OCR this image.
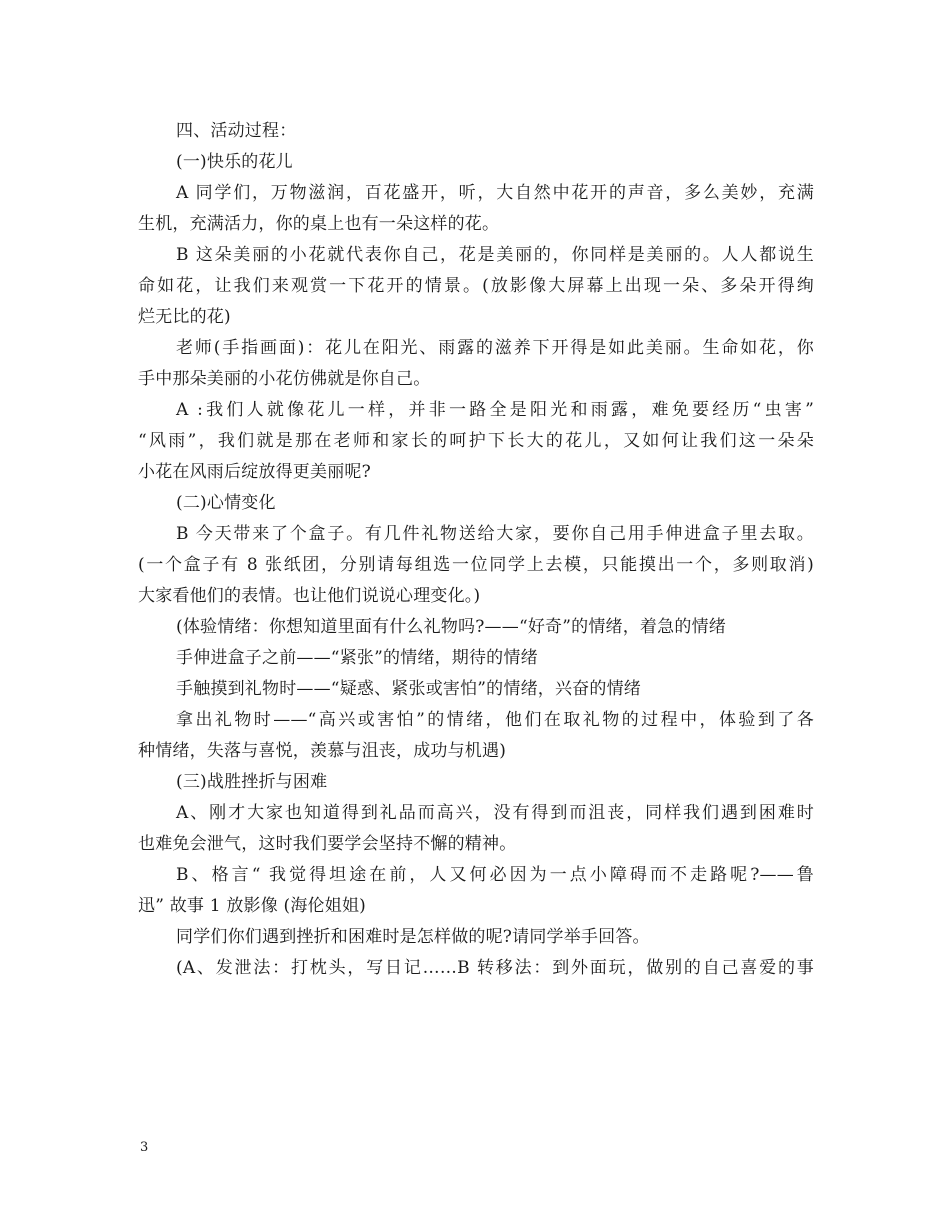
四、活动过程：
(一)快乐的花儿
A 同学们，万物滋润，百花盛开，听，大自然中花开的声音，多么美妙，充满
生机，充满活力，你的桌上也有一朵这样的花。
B 这朵美丽的小花就代表你自己，花是美丽的，你同样是美丽的。人人都说生
命如花，让我们来观赏一下花开的情景。(放影像大屏幕上出现一朵、多朵开得绚
烂无比的花)
老师(手指画面)：花儿在阳光、雨露的滋养下开得是如此美丽。生命如花，你
手中那朵美丽的小花仿佛就是你自己。
A :我们人就像花儿一样，并非一路全是阳光和雨露，难免要经历“虫害”
“风雨”，我们就是那在老师和家长的呵护下长大的花儿，又如何让我们这一朵朵
小花在风雨后绽放得更美丽呢?
(二)心情变化
B 今天带来了个盒子。有几件礼物送给大家，要你自己用手伸进盒子里去取。
(一个盒子有 8 张纸团，分别请每组选一位同学上去模，只能摸出一个，多则取消)
大家看他们的表情。也让他们说说心理变化。)
(体验情绪：你想知道里面有什么礼物吗?——“好奇”的情绪，着急的情绪
手伸进盒子之前——“紧张”的情绪，期待的情绪
手触摸到礼物时——“疑惑、紧张或害怕”的情绪，兴奋的情绪
拿出礼物时——“高兴或害怕”的情绪，他们在取礼物的过程中，体验到了各
种情绪，失落与喜悦，羡慕与沮丧，成功与机遇)
(三)战胜挫折与困难
A、刚才大家也知道得到礼品而高兴，没有得到而沮丧，同样我们遇到困难时
也难免会泄气，这时我们要学会坚持不懈的精神。
B、格言“ 我觉得坦途在前，人又何必因为一点小障碍而不走路呢?——鲁
迅” 故事 1 放影像 (海伦姐姐)
同学们你们遇到挫折和困难时是怎样做的呢?请同学举手回答。
(A、发泄法：打枕头，写日记……B 转移法：到外面玩，做别的自己喜爱的事
3
